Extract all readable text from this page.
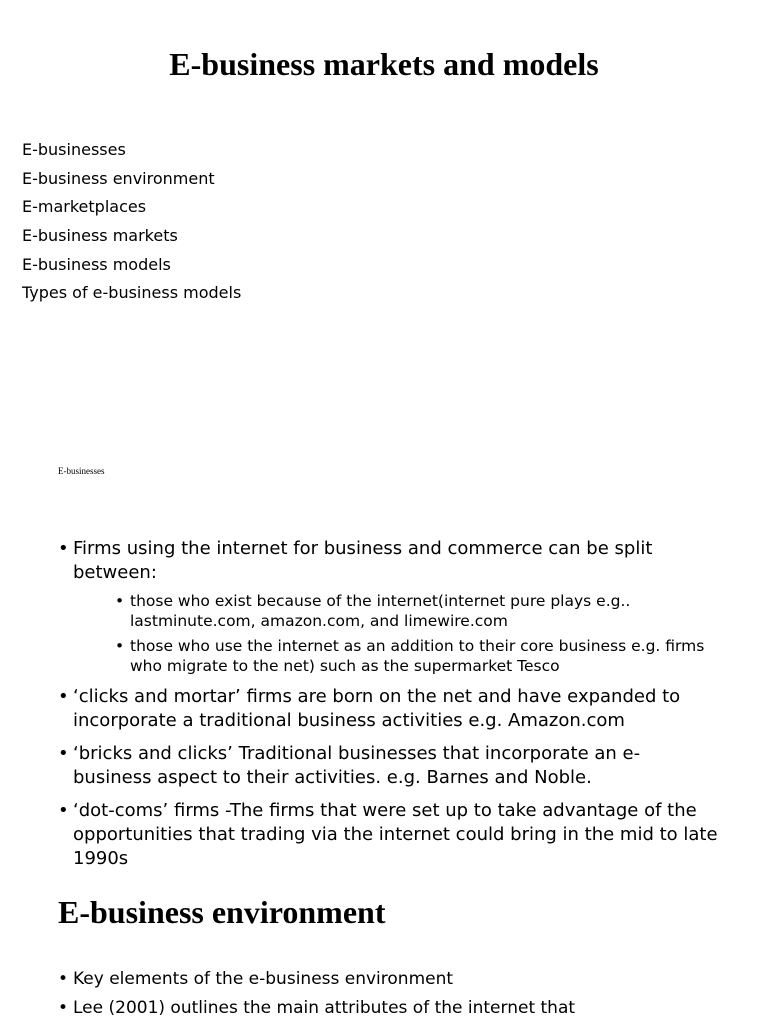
E-business markets and models
E-businesses
E-business environment
E-marketplaces
E-business markets
E-business models
Types of e-business models

E-businesses

• Firms using the internet for business and commerce can be split between:
• those who exist because of the internet(internet pure plays e.g.. lastminute.com, amazon.com, and limewire.com
• those who use the internet as an addition to their core business e.g. firms who migrate to the net) such as the supermarket Tesco
• ‘clicks and mortar’ firms are born on the net and have expanded to incorporate a traditional business activities e.g. Amazon.com
• ‘bricks and clicks’ Traditional businesses that incorporate an e-business aspect to their activities. e.g. Barnes and Noble.
• ‘dot-coms’ firms -The firms that were set up to take advantage of the opportunities that trading via the internet could bring in the mid to late 1990s
E-business environment
• Key elements of the e-business environment
• Lee (2001) outlines the main attributes of the internet that
